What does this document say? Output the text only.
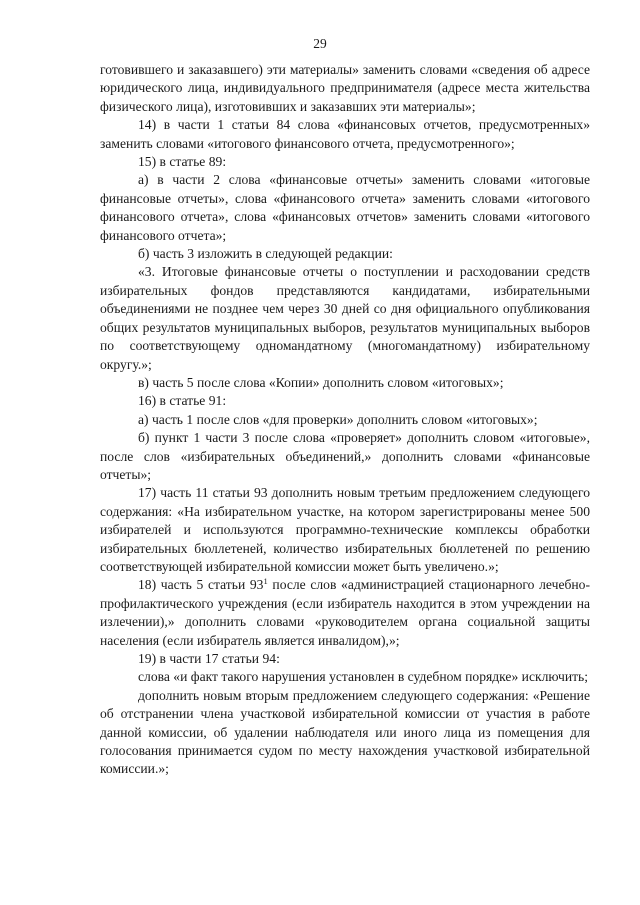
29

готовившего и заказавшего) эти материалы» заменить словами «сведения об адресе юридического лица, индивидуального предпринимателя (адресе места жительства физического лица), изготовивших и заказавших эти материалы»;

14) в части 1 статьи 84 слова «финансовых отчетов, предусмотренных» заменить словами «итогового финансового отчета, предусмотренного»;

15) в статье 89:

а) в части 2 слова «финансовые отчеты» заменить словами «итоговые финансовые отчеты», слова «финансового отчета» заменить словами «итогового финансового отчета», слова «финансовых отчетов» заменить словами «итогового финансового отчета»;

б) часть 3 изложить в следующей редакции:

«3. Итоговые финансовые отчеты о поступлении и расходовании средств избирательных фондов представляются кандидатами, избирательными объединениями не позднее чем через 30 дней со дня официального опубликования общих результатов муниципальных выборов, результатов муниципальных выборов по соответствующему одномандатному (многомандатному) избирательному округу.»;

в) часть 5 после слова «Копии» дополнить словом «итоговых»;

16) в статье 91:

а) часть 1 после слов «для проверки» дополнить словом «итоговых»;

б) пункт 1 части 3 после слова «проверяет» дополнить словом «итоговые», после слов «избирательных объединений,» дополнить словами «финансовые отчеты»;

17) часть 11 статьи 93 дополнить новым третьим предложением следующего содержания: «На избирательном участке, на котором зарегистрированы менее 500 избирателей и используются программно-технические комплексы обработки избирательных бюллетеней, количество избирательных бюллетеней по решению соответствующей избирательной комиссии может быть увеличено.»;

18) часть 5 статьи $93^1$ после слов «администрацией стационарного лечебно-профилактического учреждения (если избиратель находится в этом учреждении на излечении),» дополнить словами «руководителем органа социальной защиты населения (если избиратель является инвалидом),»;

19) в части 17 статьи 94:

слова «и факт такого нарушения установлен в судебном порядке» исключить;

дополнить новым вторым предложением следующего содержания: «Решение об отстранении члена участковой избирательной комиссии от участия в работе данной комиссии, об удалении наблюдателя или иного лица из помещения для голосования принимается судом по месту нахождения участковой избирательной комиссии.»;
